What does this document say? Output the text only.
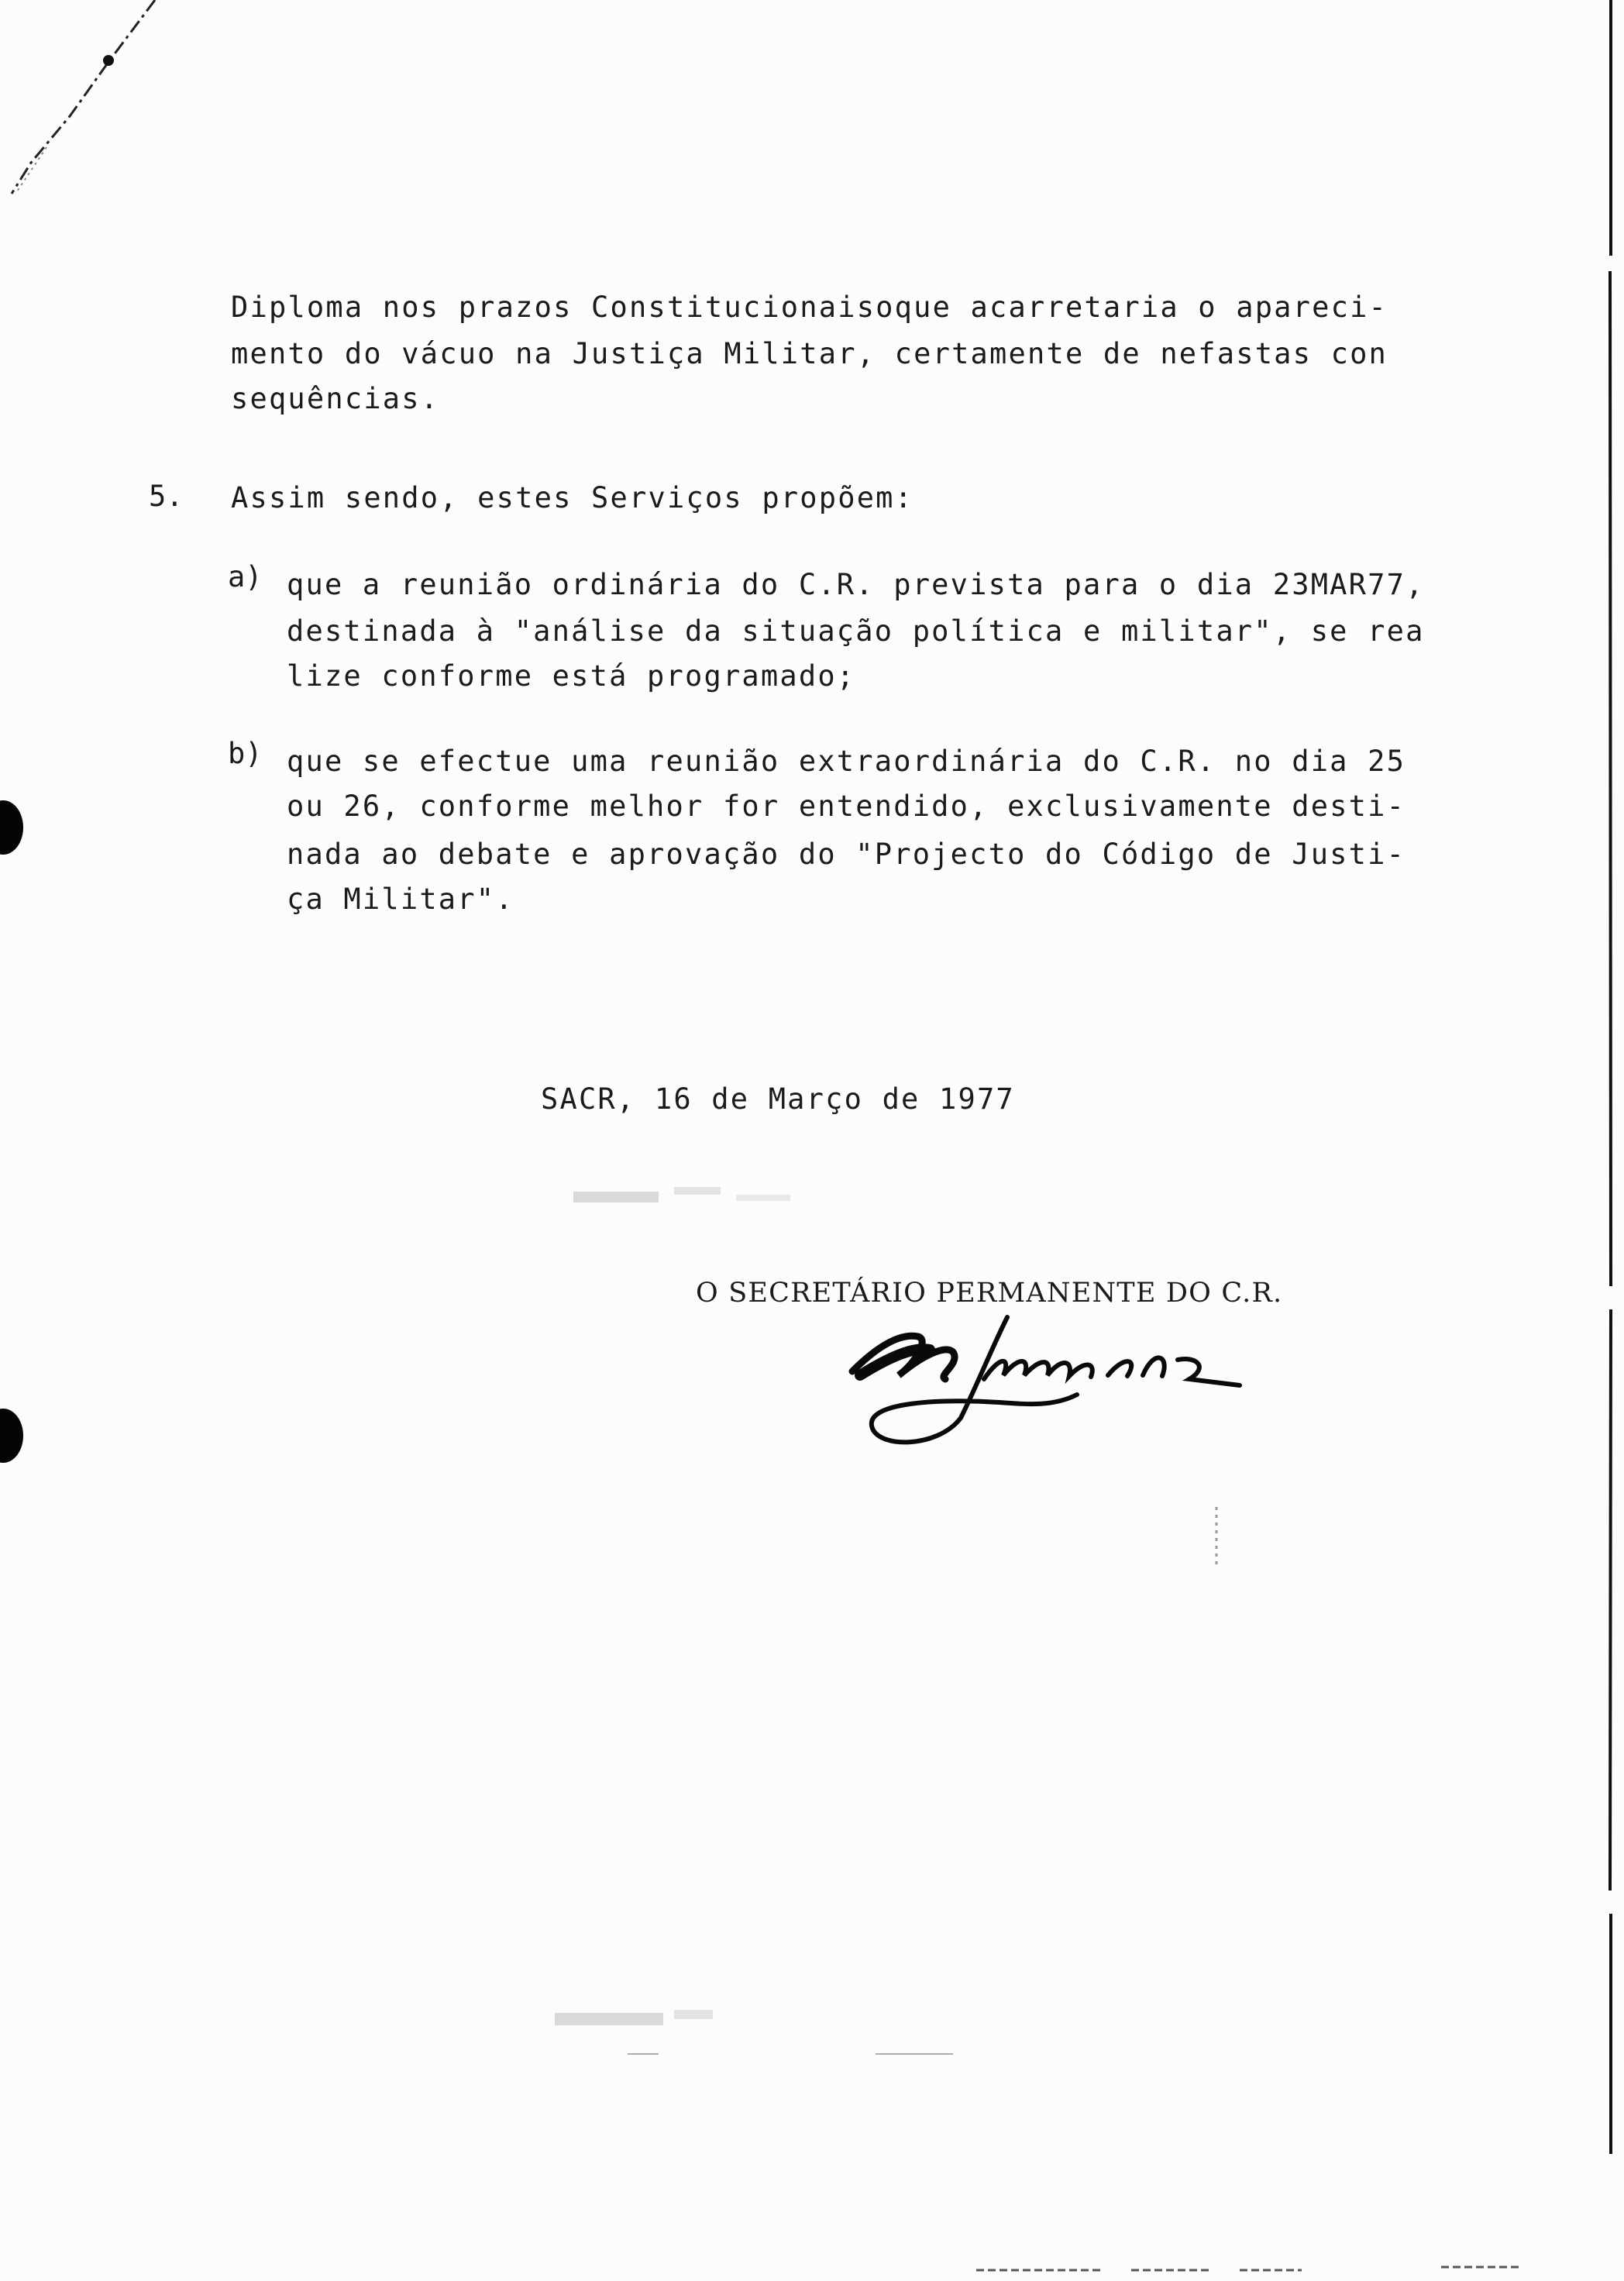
Diploma nos prazos Constitucionaisoque acarretaria o apareci-
mento do vácuo na Justiça Militar, certamente de nefastas con
sequências.
5. Assim sendo, estes Serviços propõem:
a) que a reunião ordinária do C.R. prevista para o dia 23MAR77,
destinada à "análise da situação política e militar", se rea
lize conforme está programado;
b) que se efectue uma reunião extraordinária do C.R. no dia 25
ou 26, conforme melhor for entendido, exclusivamente desti-
nada ao debate e aprovação do "Projecto do Código de Justi-
ça Militar".
SACR, 16 de Março de 1977
O SECRETÁRIO PERMANENTE DO C.R.
